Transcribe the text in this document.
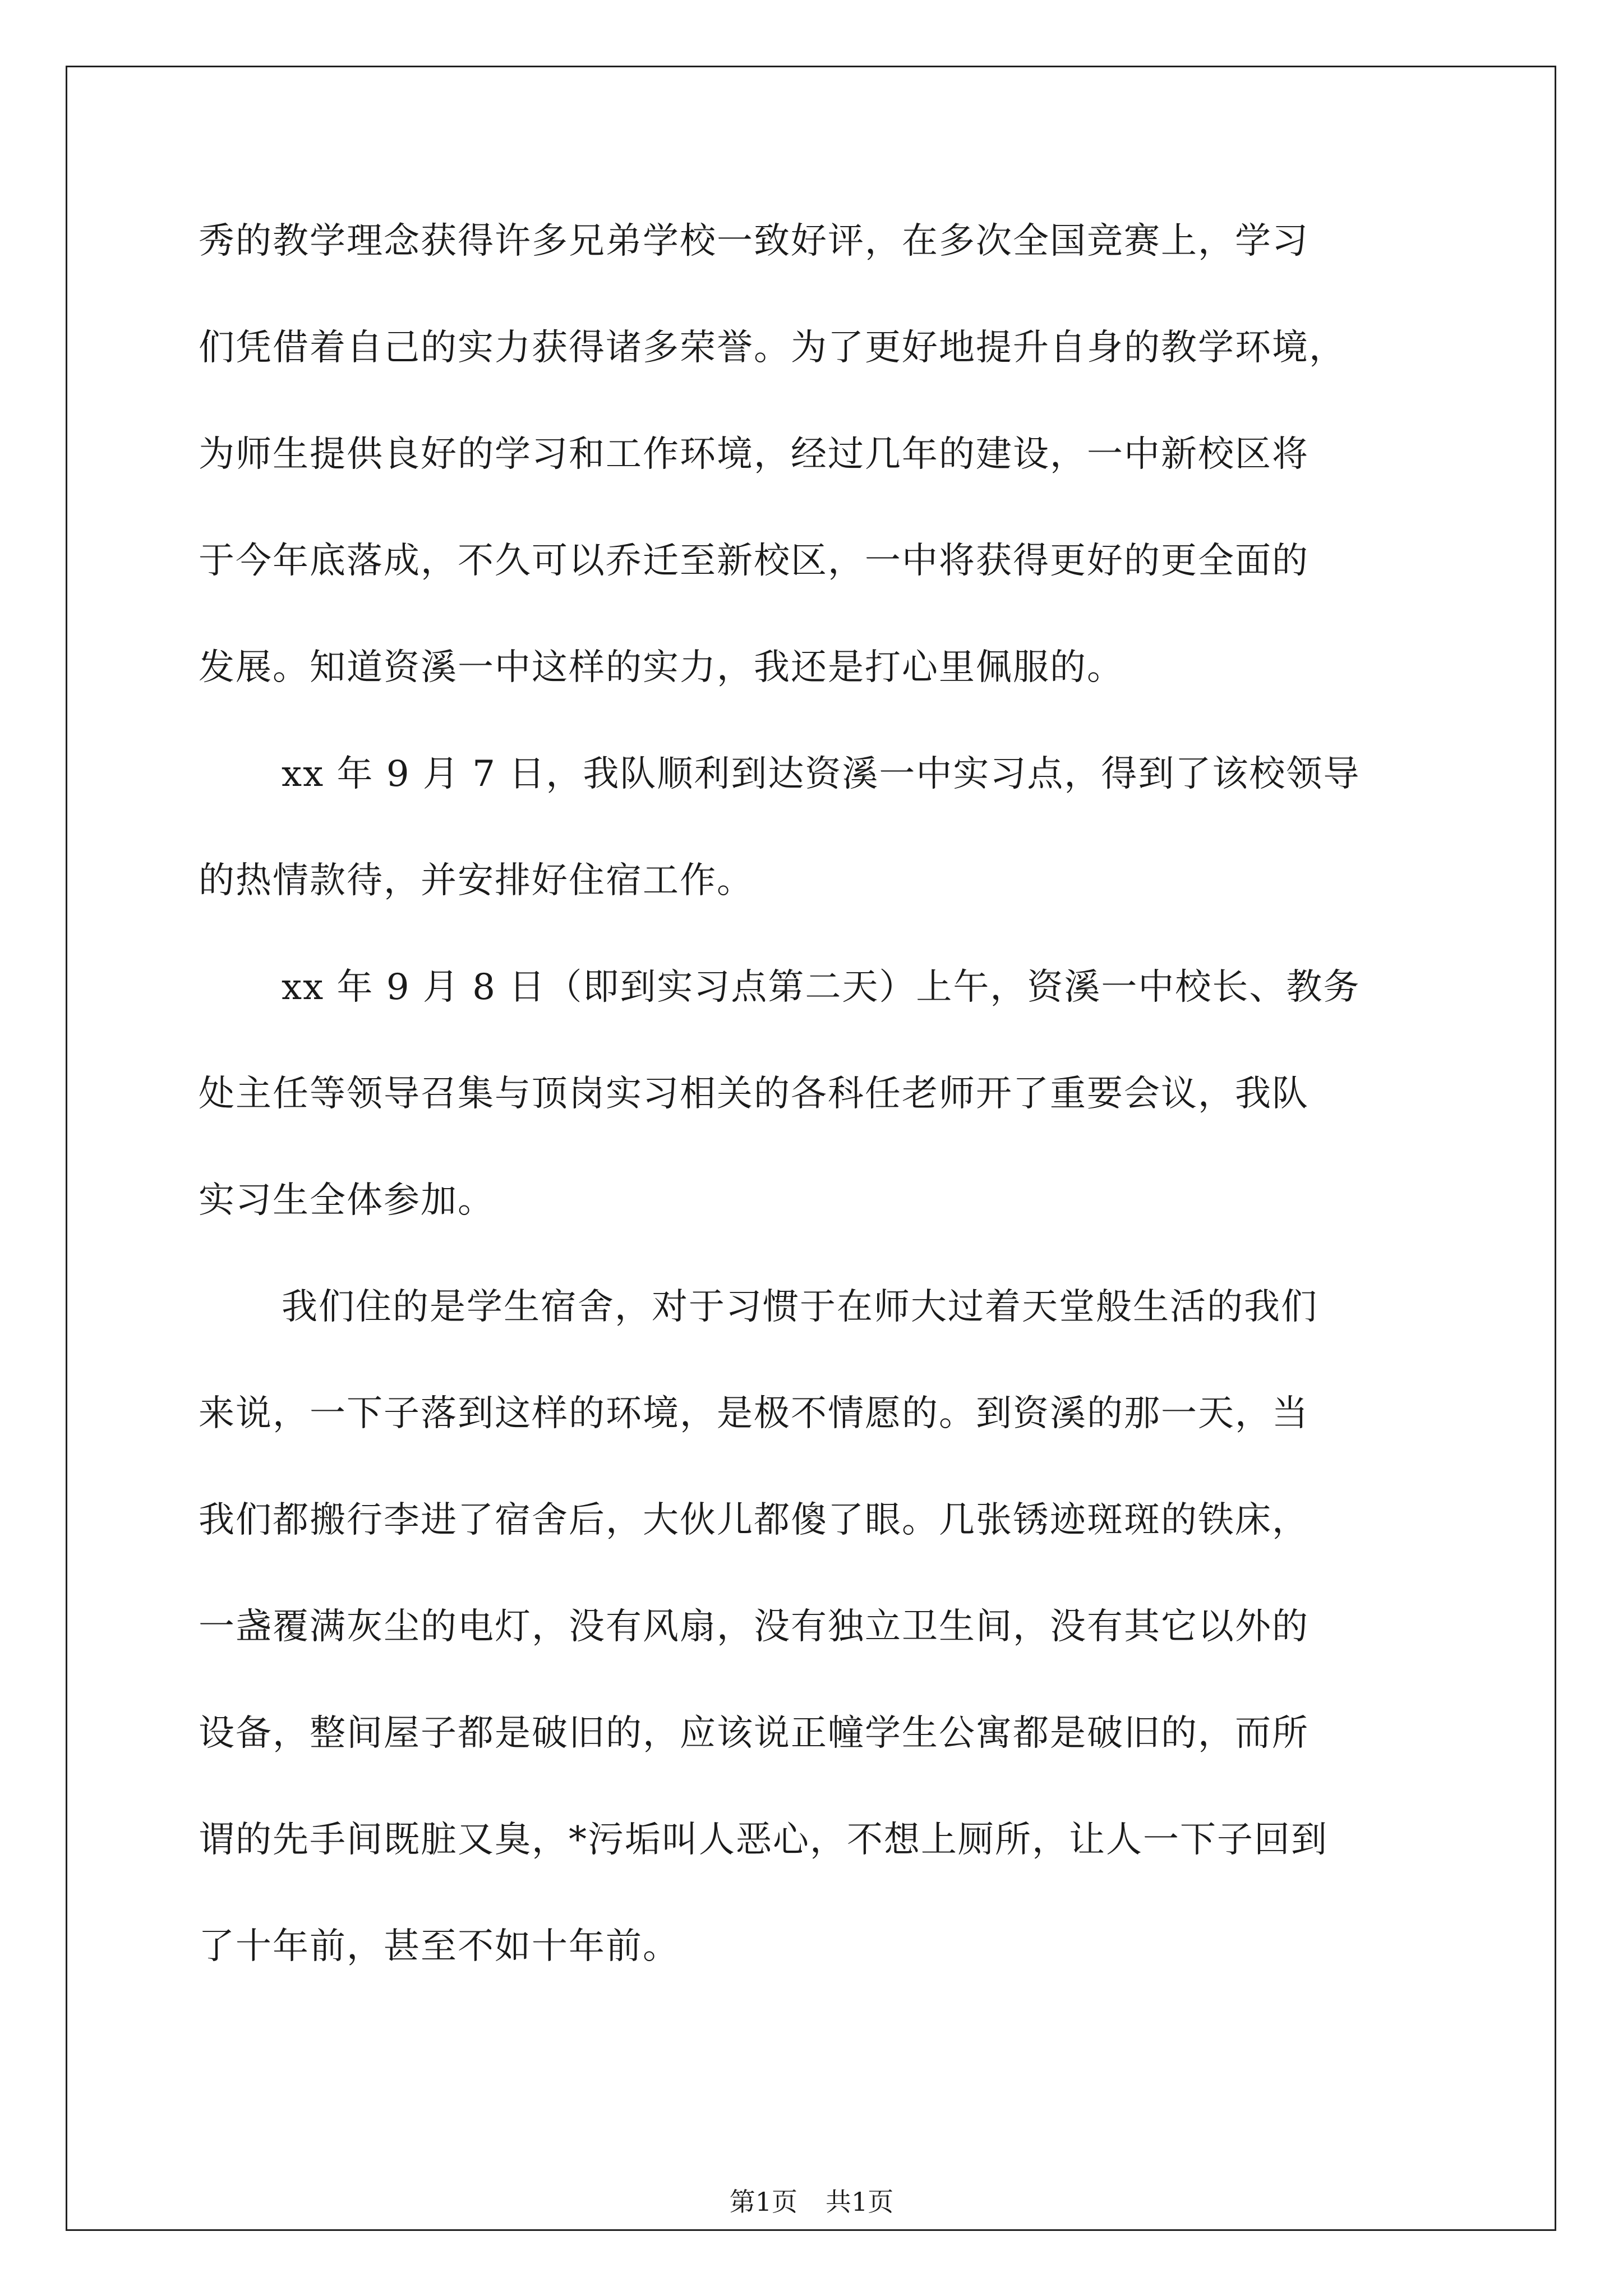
秀的教学理念获得许多兄弟学校一致好评，在多次全国竞赛上，学习
们凭借着自己的实力获得诸多荣誉。为了更好地提升自身的教学环境，
为师生提供良好的学习和工作环境，经过几年的建设，一中新校区将
于今年底落成，不久可以乔迁至新校区，一中将获得更好的更全面的
发展。知道资溪一中这样的实力，我还是打心里佩服的。
xx 年 9 月 7 日，我队顺利到达资溪一中实习点，得到了该校领导
的热情款待，并安排好住宿工作。
xx 年 9 月 8 日（即到实习点第二天）上午，资溪一中校长、教务
处主任等领导召集与顶岗实习相关的各科任老师开了重要会议，我队
实习生全体参加。
我们住的是学生宿舍，对于习惯于在师大过着天堂般生活的我们
来说，一下子落到这样的环境，是极不情愿的。到资溪的那一天，当
我们都搬行李进了宿舍后，大伙儿都傻了眼。几张锈迹斑斑的铁床，
一盏覆满灰尘的电灯，没有风扇，没有独立卫生间，没有其它以外的
设备，整间屋子都是破旧的，应该说正幢学生公寓都是破旧的，而所
谓的先手间既脏又臭，*污垢叫人恶心，不想上厕所，让人一下子回到
了十年前，甚至不如十年前。
第1页 共1页
